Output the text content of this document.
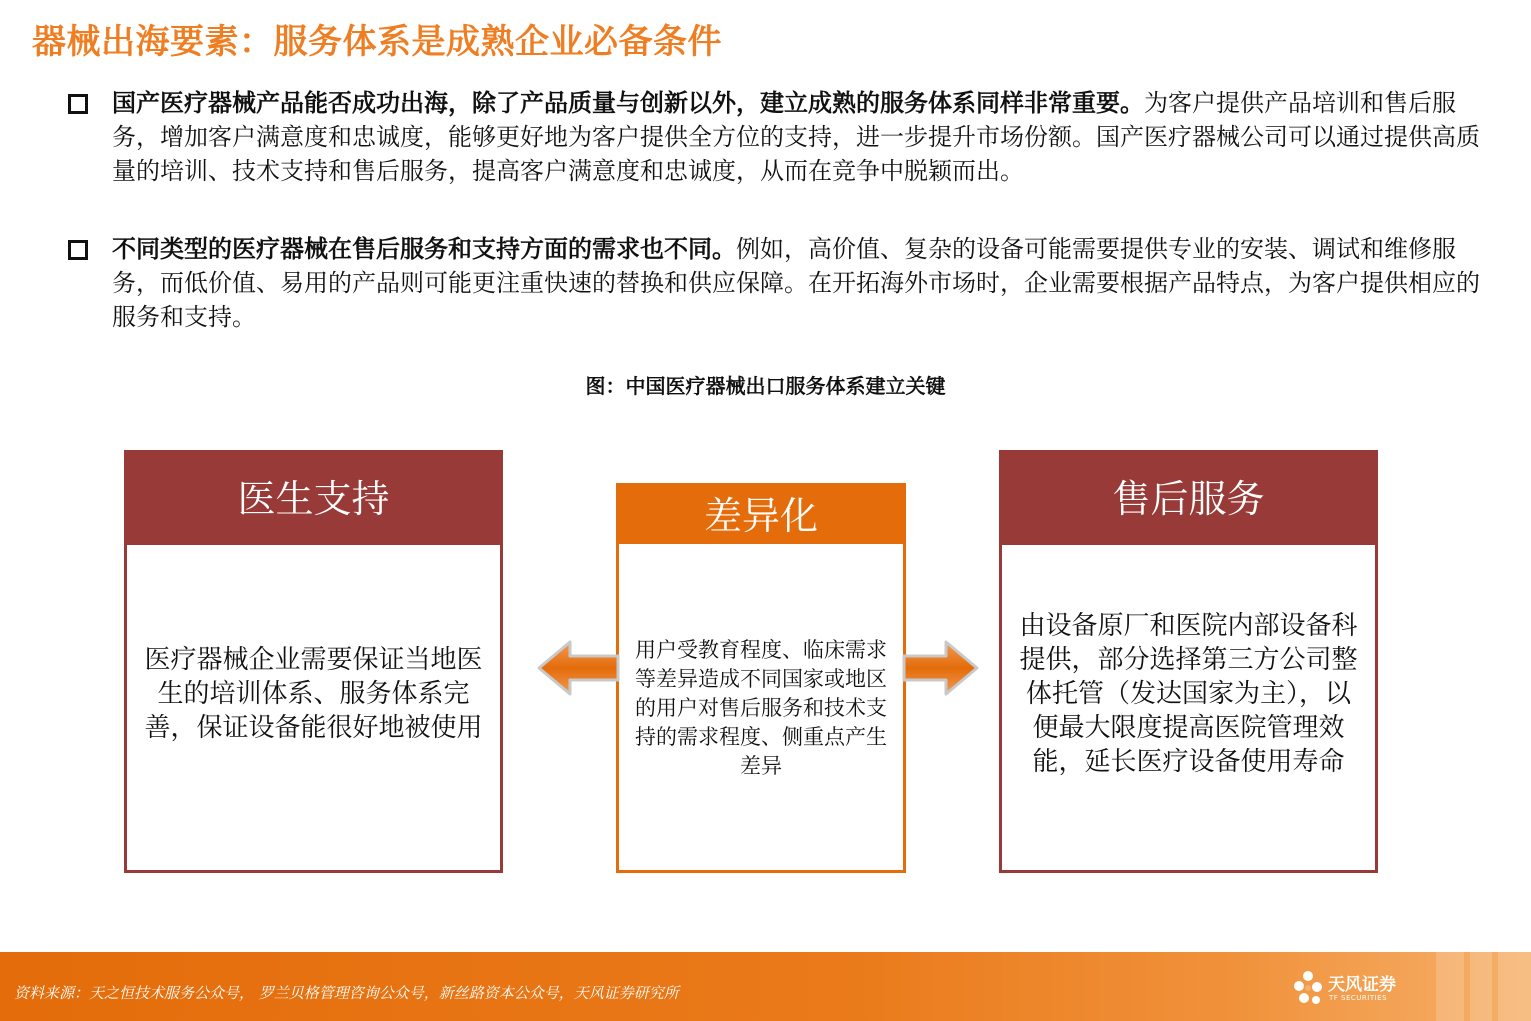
器械出海要素：服务体系是成熟企业必备条件
国产医疗器械产品能否成功出海，除了产品质量与创新以外，建立成熟的服务体系同样非常重要。为客户提供产品培训和售后服务，增加客户满意度和忠诚度，能够更好地为客户提供全方位的支持，进一步提升市场份额。国产医疗器械公司可以通过提供高质量的培训、技术支持和售后服务，提高客户满意度和忠诚度，从而在竞争中脱颖而出。
不同类型的医疗器械在售后服务和支持方面的需求也不同。例如，高价值、复杂的设备可能需要提供专业的安装、调试和维修服务，而低价值、易用的产品则可能更注重快速的替换和供应保障。在开拓海外市场时，企业需要根据产品特点，为客户提供相应的服务和支持。
图：中国医疗器械出口服务体系建立关键
医生支持
医疗器械企业需要保证当地医生的培训体系、服务体系完善，保证设备能很好地被使用
差异化
用户受教育程度、临床需求等差异造成不同国家或地区的用户对售后服务和技术支持的需求程度、侧重点产生差异
售后服务
由设备原厂和医院内部设备科提供，部分选择第三方公司整体托管（发达国家为主），以便最大限度提高医院管理效能，延长医疗设备使用寿命
资料来源：天之恒技术服务公众号， 罗兰贝格管理咨询公众号，新丝路资本公众号，天风证券研究所	天风证券
TF SECURITIES
